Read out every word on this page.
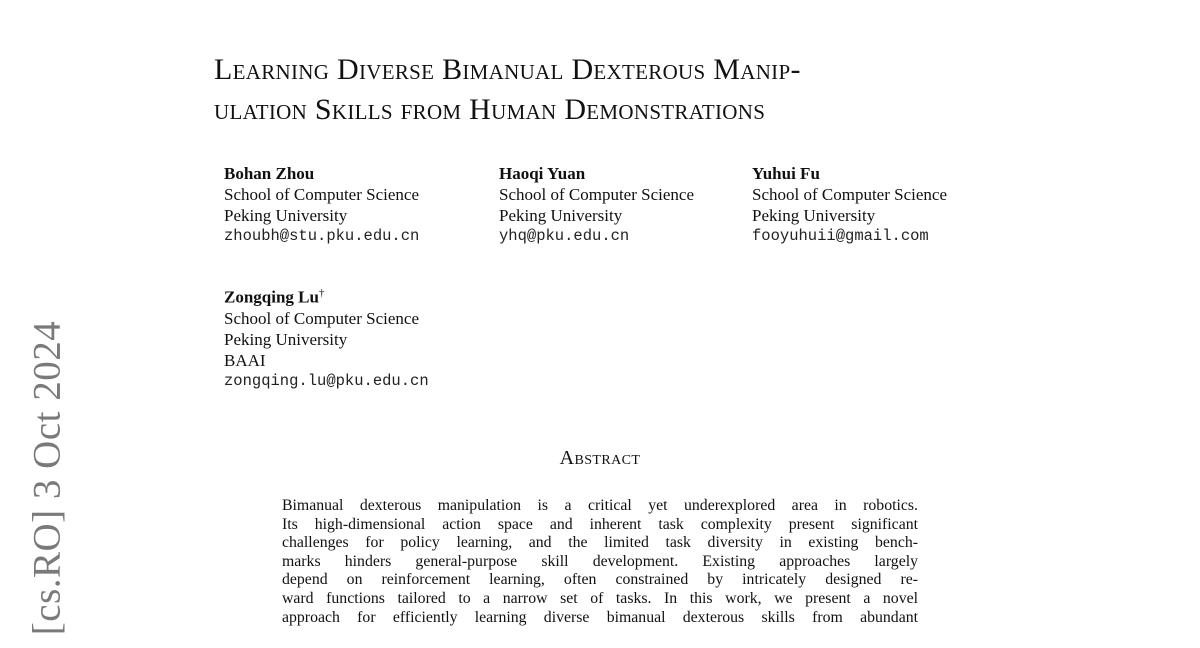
[cs.RO] 3 Oct 2024
Learning Diverse Bimanual Dexterous Manip-
ulation Skills from Human Demonstrations
Bohan Zhou
School of Computer Science
Peking University
zhoubh@stu.pku.edu.cn
Haoqi Yuan
School of Computer Science
Peking University
yhq@pku.edu.cn
Yuhui Fu
School of Computer Science
Peking University
fooyuhuii@gmail.com
Zongqing Lu†
School of Computer Science
Peking University
BAAI
zongqing.lu@pku.edu.cn
Abstract
Bimanual dexterous manipulation is a critical yet underexplored area in robotics.
Its high-dimensional action space and inherent task complexity present significant
challenges for policy learning, and the limited task diversity in existing bench-
marks hinders general-purpose skill development. Existing approaches largely
depend on reinforcement learning, often constrained by intricately designed re-
ward functions tailored to a narrow set of tasks. In this work, we present a novel
approach for efficiently learning diverse bimanual dexterous skills from abundant
